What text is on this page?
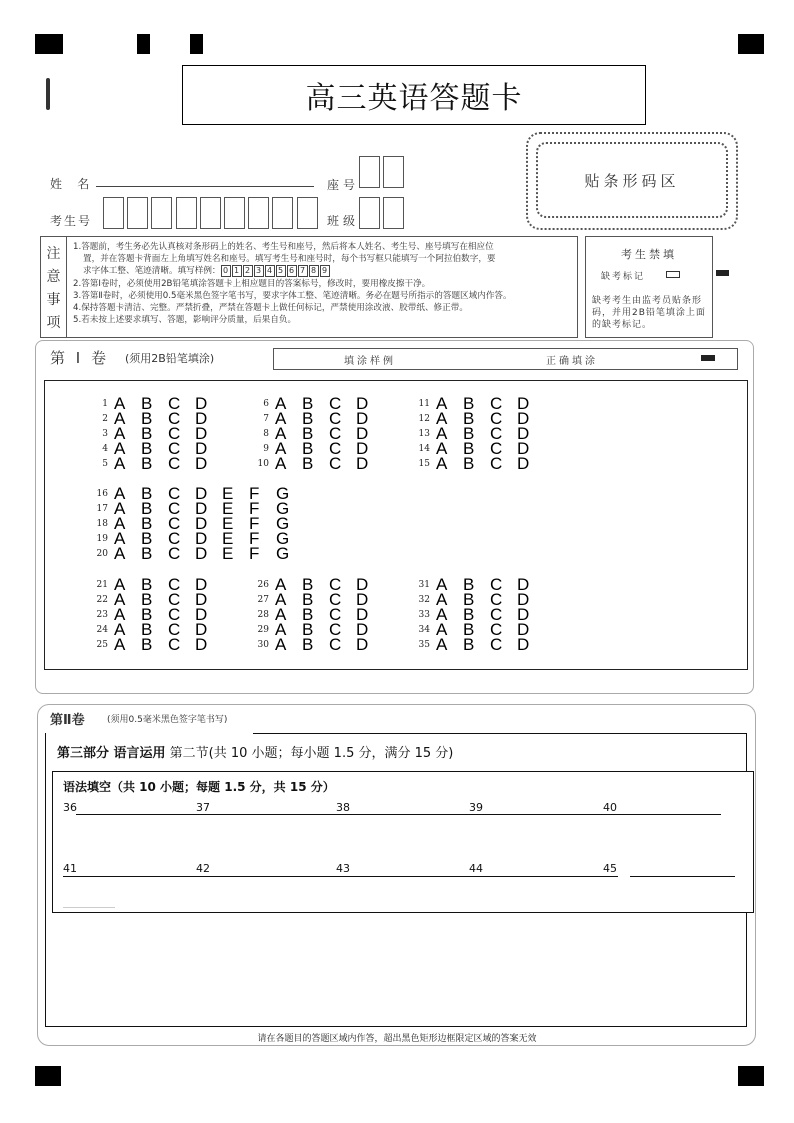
高三英语答题卡
姓    名	座号
考生号	班级
贴条形码区
注
意
事
项
1.答题前，考生务必先认真核对条形码上的姓名、考生号和座号，然后将本人姓名、考生号、座号填写在相应位
置，并在答题卡背面左上角填写姓名和座号。填写考生号和座号时，每个书写框只能填写一个阿拉伯数字，要
求字体工整、笔迹清晰。填写样例： 0 1 2 3 4 5 6 7 8 9
2.答第Ⅰ卷时，必须使用2B铅笔填涂答题卡上相应题目的答案标号，修改时，要用橡皮擦干净。
3.答第Ⅱ卷时，必须使用0.5毫米黑色签字笔书写，要求字体工整、笔迹清晰。务必在题号所指示的答题区域内作答。
4.保持答题卡清洁、完整。严禁折叠，严禁在答题卡上做任何标记，严禁使用涂改液、胶带纸、修正带。
5.若未按上述要求填写、答题，影响评分质量，后果自负。
考生禁填
缺考标记
缺考考生由监考员贴条形码，并用2B铅笔填涂上面的缺考标记。
第 Ⅰ 卷 (须用2B铅笔填涂)	填涂样例	正确填涂
1 A B C D
2 A B C D
3 A B C D
4 A B C D
5 A B C D
6 A B C D
7 A B C D
8 A B C D
9 A B C D
10 A B C D
11 A B C D
12 A B C D
13 A B C D
14 A B C D
15 A B C D
16 A B C D E F G
17 A B C D E F G
18 A B C D E F G
19 A B C D E F G
20 A B C D E F G
21 A B C D
22 A B C D
23 A B C D
24 A B C D
25 A B C D
26 A B C D
27 A B C D
28 A B C D
29 A B C D
30 A B C D
31 A B C D
32 A B C D
33 A B C D
34 A B C D
35 A B C D
第Ⅱ卷 (须用0.5毫米黑色签字笔书写)
第三部分 语言运用 第二节(共 10 小题；每小题 1.5 分，满分 15 分)
语法填空（共 10 小题；每题 1.5 分，共 15 分）
36	37	38	39	40
41	42	43	44	45
请在各题目的答题区域内作答，超出黑色矩形边框限定区域的答案无效
